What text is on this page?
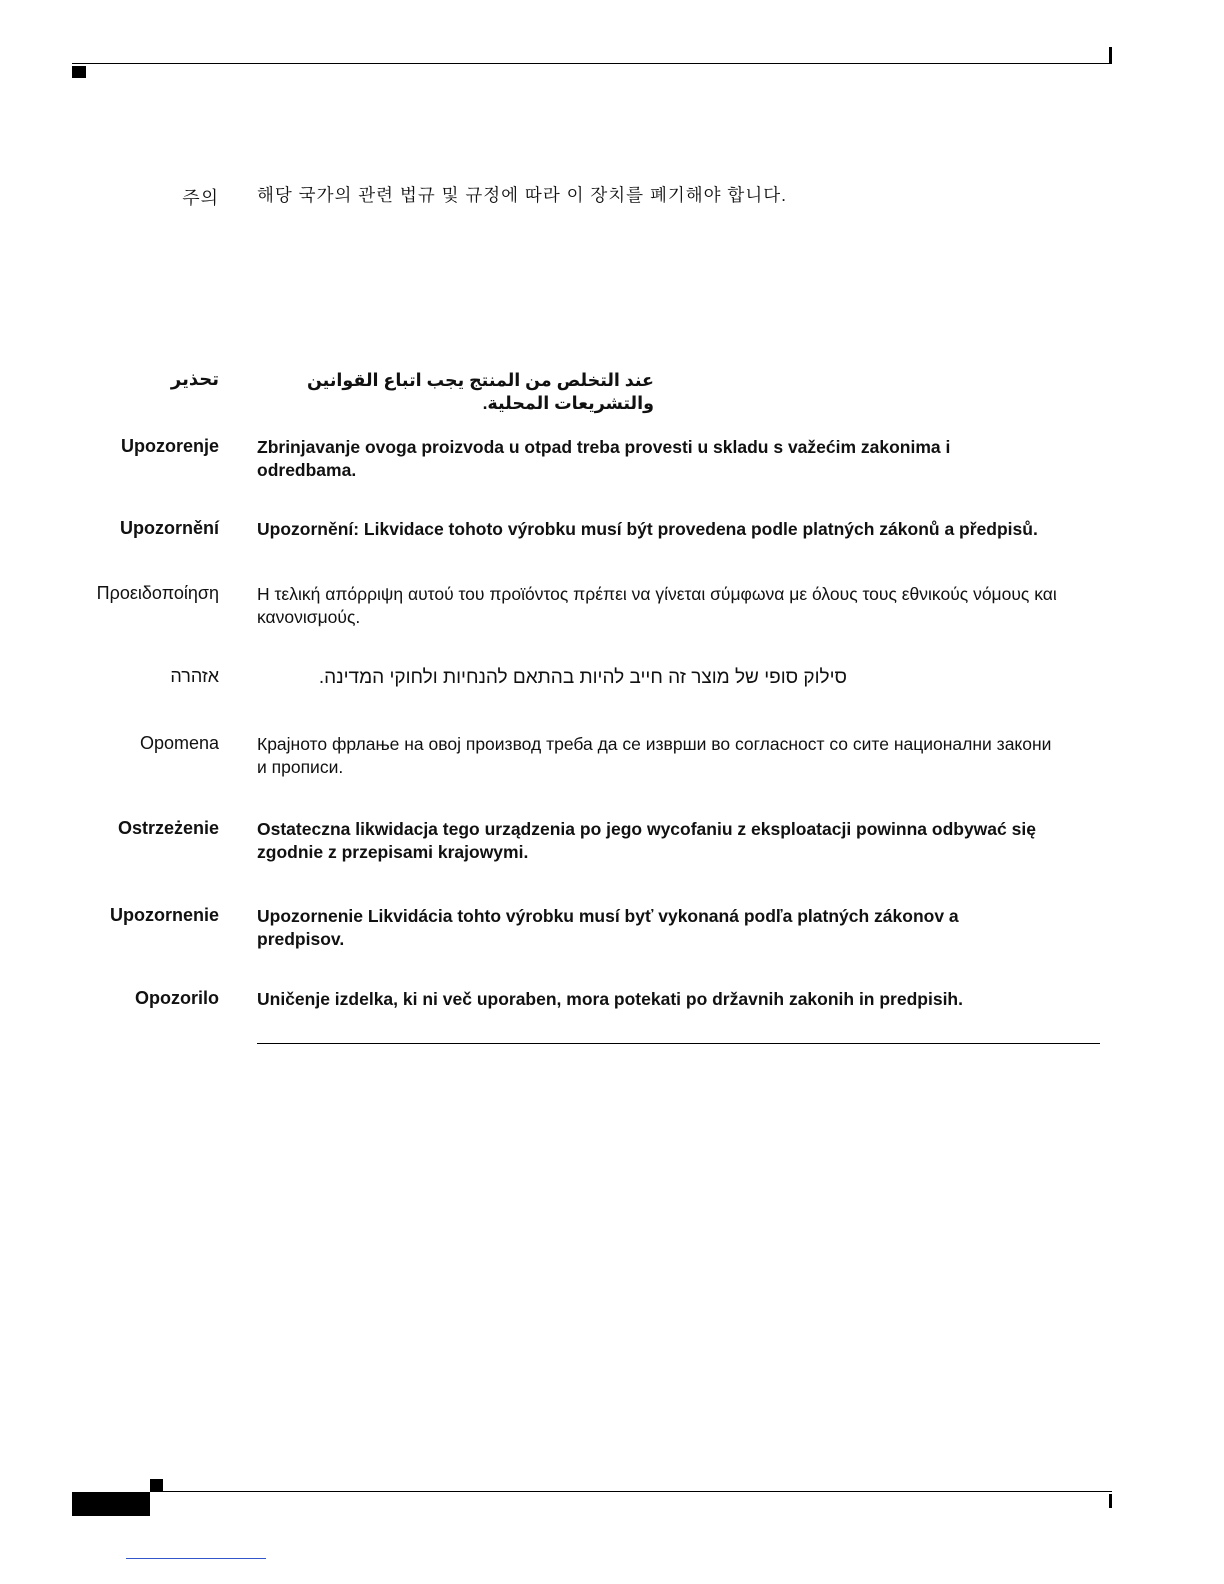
주의 해당 국가의 관련 법규 및 규정에 따라 이 장치를 폐기해야 합니다.
تحذير	عند التخلص من المنتج يجب اتباع القوانين والتشريعات المحلية.
Upozorenje Zbrinjavanje ovoga proizvoda u otpad treba provesti u skladu s važećim zakonima i odredbama.
Upozornění Upozornění: Likvidace tohoto výrobku musí být provedena podle platných zákonů a předpisů.
Προειδοποίηση Η τελική απόρριψη αυτού του προϊόντος πρέπει να γίνεται σύμφωνα με όλους τους εθνικούς νόμους και κανονισμούς.
אזהרה	סילוק סופי של מוצר זה חייב להיות בהתאם להנחיות ולחוקי המדינה.
Opomena Крајното фрлање на овој производ треба да се изврши во согласност со сите национални закони и прописи.
Ostrzeżenie Ostateczna likwidacja tego urządzenia po jego wycofaniu z eksploatacji powinna odbywać się zgodnie z przepisami krajowymi.
Upozornenie Upozornenie Likvidácia tohto výrobku musí byť vykonaná podľa platných zákonov a predpisov.
Opozorilo Uničenje izdelka, ki ni več uporaben, mora potekati po državnih zakonih in predpisih.
